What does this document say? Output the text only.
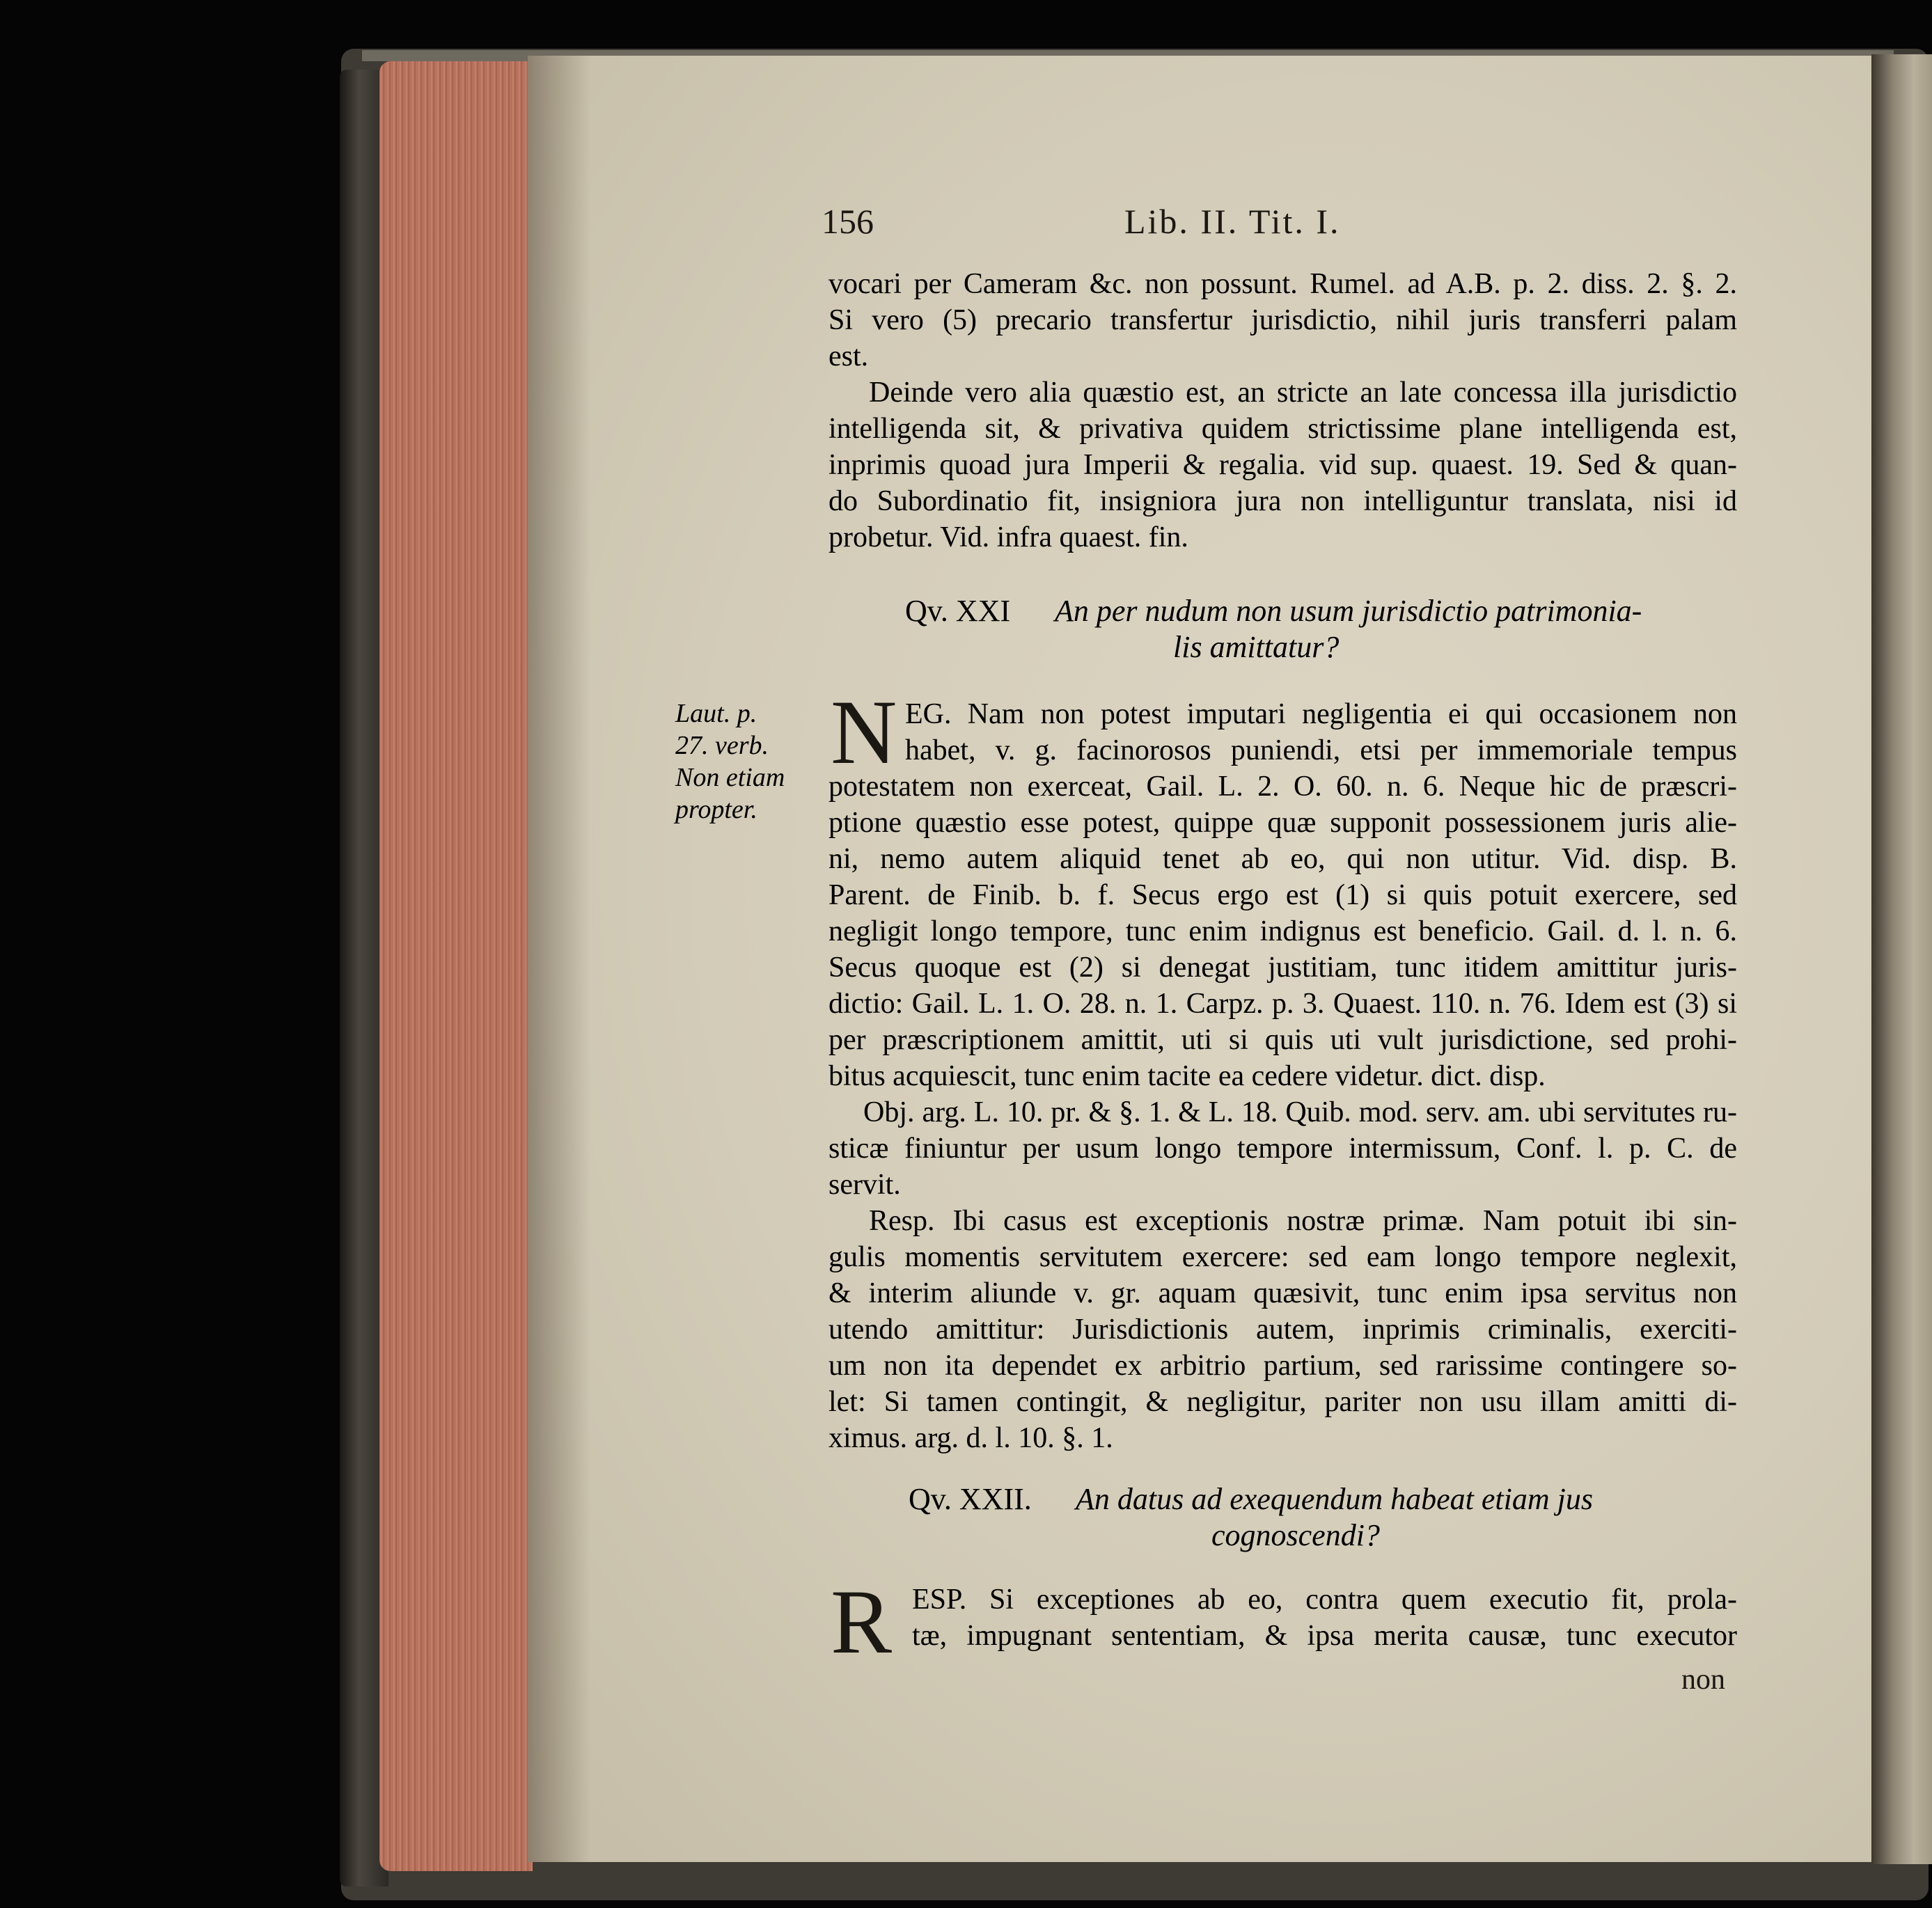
156	Lib. II. Tit. I.
vocari per Cameram &c. non possunt. Rumel. ad A.B. p. 2. diss. 2. §. 2.
Si vero (5) precario transfertur jurisdictio, nihil juris transferri palam
est.
Deinde vero alia quæstio est, an stricte an late concessa illa jurisdictio
intelligenda sit, & privativa quidem strictissime plane intelligenda est,
inprimis quoad jura Imperii & regalia. vid sup. quaest. 19. Sed & quan-
do Subordinatio fit, insigniora jura non intelliguntur translata, nisi id
probetur. Vid. infra quaest. fin.
Qv. XXI An per nudum non usum jurisdictio patrimonia-
lis amittatur?
Laut. p.
27. verb.
Non etiam
propter.
N EG. Nam non potest imputari negligentia ei qui occasionem non
habet, v. g. facinorosos puniendi, etsi per immemoriale tempus
potestatem non exerceat, Gail. L. 2. O. 60. n. 6. Neque hic de præscri-
ptione quæstio esse potest, quippe quæ supponit possessionem juris alie-
ni, nemo autem aliquid tenet ab eo, qui non utitur. Vid. disp. B.
Parent. de Finib. b. f. Secus ergo est (1) si quis potuit exercere, sed
negligit longo tempore, tunc enim indignus est beneficio. Gail. d. l. n. 6.
Secus quoque est (2) si denegat justitiam, tunc itidem amittitur juris-
dictio: Gail. L. 1. O. 28. n. 1. Carpz. p. 3. Quaest. 110. n. 76. Idem est (3) si
per præscriptionem amittit, uti si quis uti vult jurisdictione, sed prohi-
bitus acquiescit, tunc enim tacite ea cedere videtur. dict. disp.
Obj. arg. L. 10. pr. & §. 1. & L. 18. Quib. mod. serv. am. ubi servitutes ru-
sticæ finiuntur per usum longo tempore intermissum, Conf. l. p. C. de
servit.
Resp. Ibi casus est exceptionis nostræ primæ. Nam potuit ibi sin-
gulis momentis servitutem exercere: sed eam longo tempore neglexit,
& interim aliunde v. gr. aquam quæsivit, tunc enim ipsa servitus non
utendo amittitur: Jurisdictionis autem, inprimis criminalis, exerciti-
um non ita dependet ex arbitrio partium, sed rarissime contingere so-
let: Si tamen contingit, & negligitur, pariter non usu illam amitti di-
ximus. arg. d. l. 10. §. 1.
Qv. XXII. An datus ad exequendum habeat etiam jus
cognoscendi?
R ESP. Si exceptiones ab eo, contra quem executio fit, prola-
tæ, impugnant sententiam, & ipsa merita causæ, tunc executor
non
